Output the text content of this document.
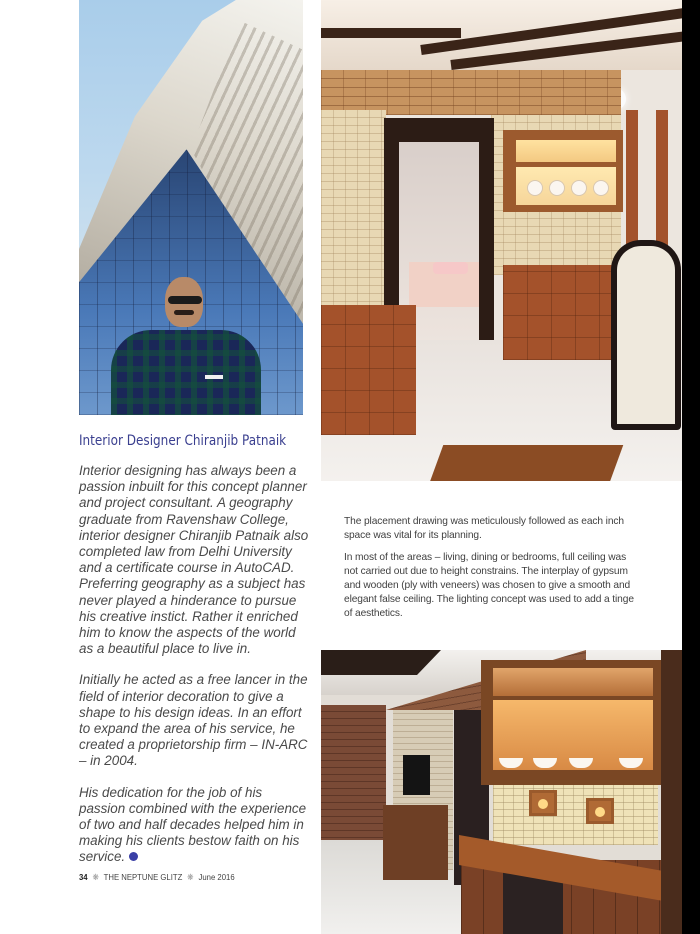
Interior Designer Chiranjib Patnaik

Interior designing has always been a passion inbuilt for this concept planner and project consultant. A geography graduate from Ravenshaw College, interior designer Chiranjib Patnaik also completed law from Delhi University and a certificate course in AutoCAD. Preferring geography as a subject has never played a hinderance to pursue his creative instict. Rather it enriched him to know the aspects of the world as a beautiful place to live in.

Initially he acted as a free lancer in the field of interior decoration to give a shape to his design ideas. In an effort to expand the area of his service, he created a proprietorship firm – IN-ARC – in 2004.

His dedication for the job of his passion combined with the experience of two and half decades helped him in making his clients bestow faith on his service.

The placement drawing was meticulously followed as each inch space was vital for its planning.

In most of the areas – living, dining or bedrooms, full ceiling was not carried out due to height constrains. The interplay of gypsum and wooden (ply with veneers) was chosen to give a smooth and elegant false ceiling. The lighting concept was used to add a tinge of aesthetics.

34 ❋ THE NEPTUNE GLITZ ❋ June 2016
